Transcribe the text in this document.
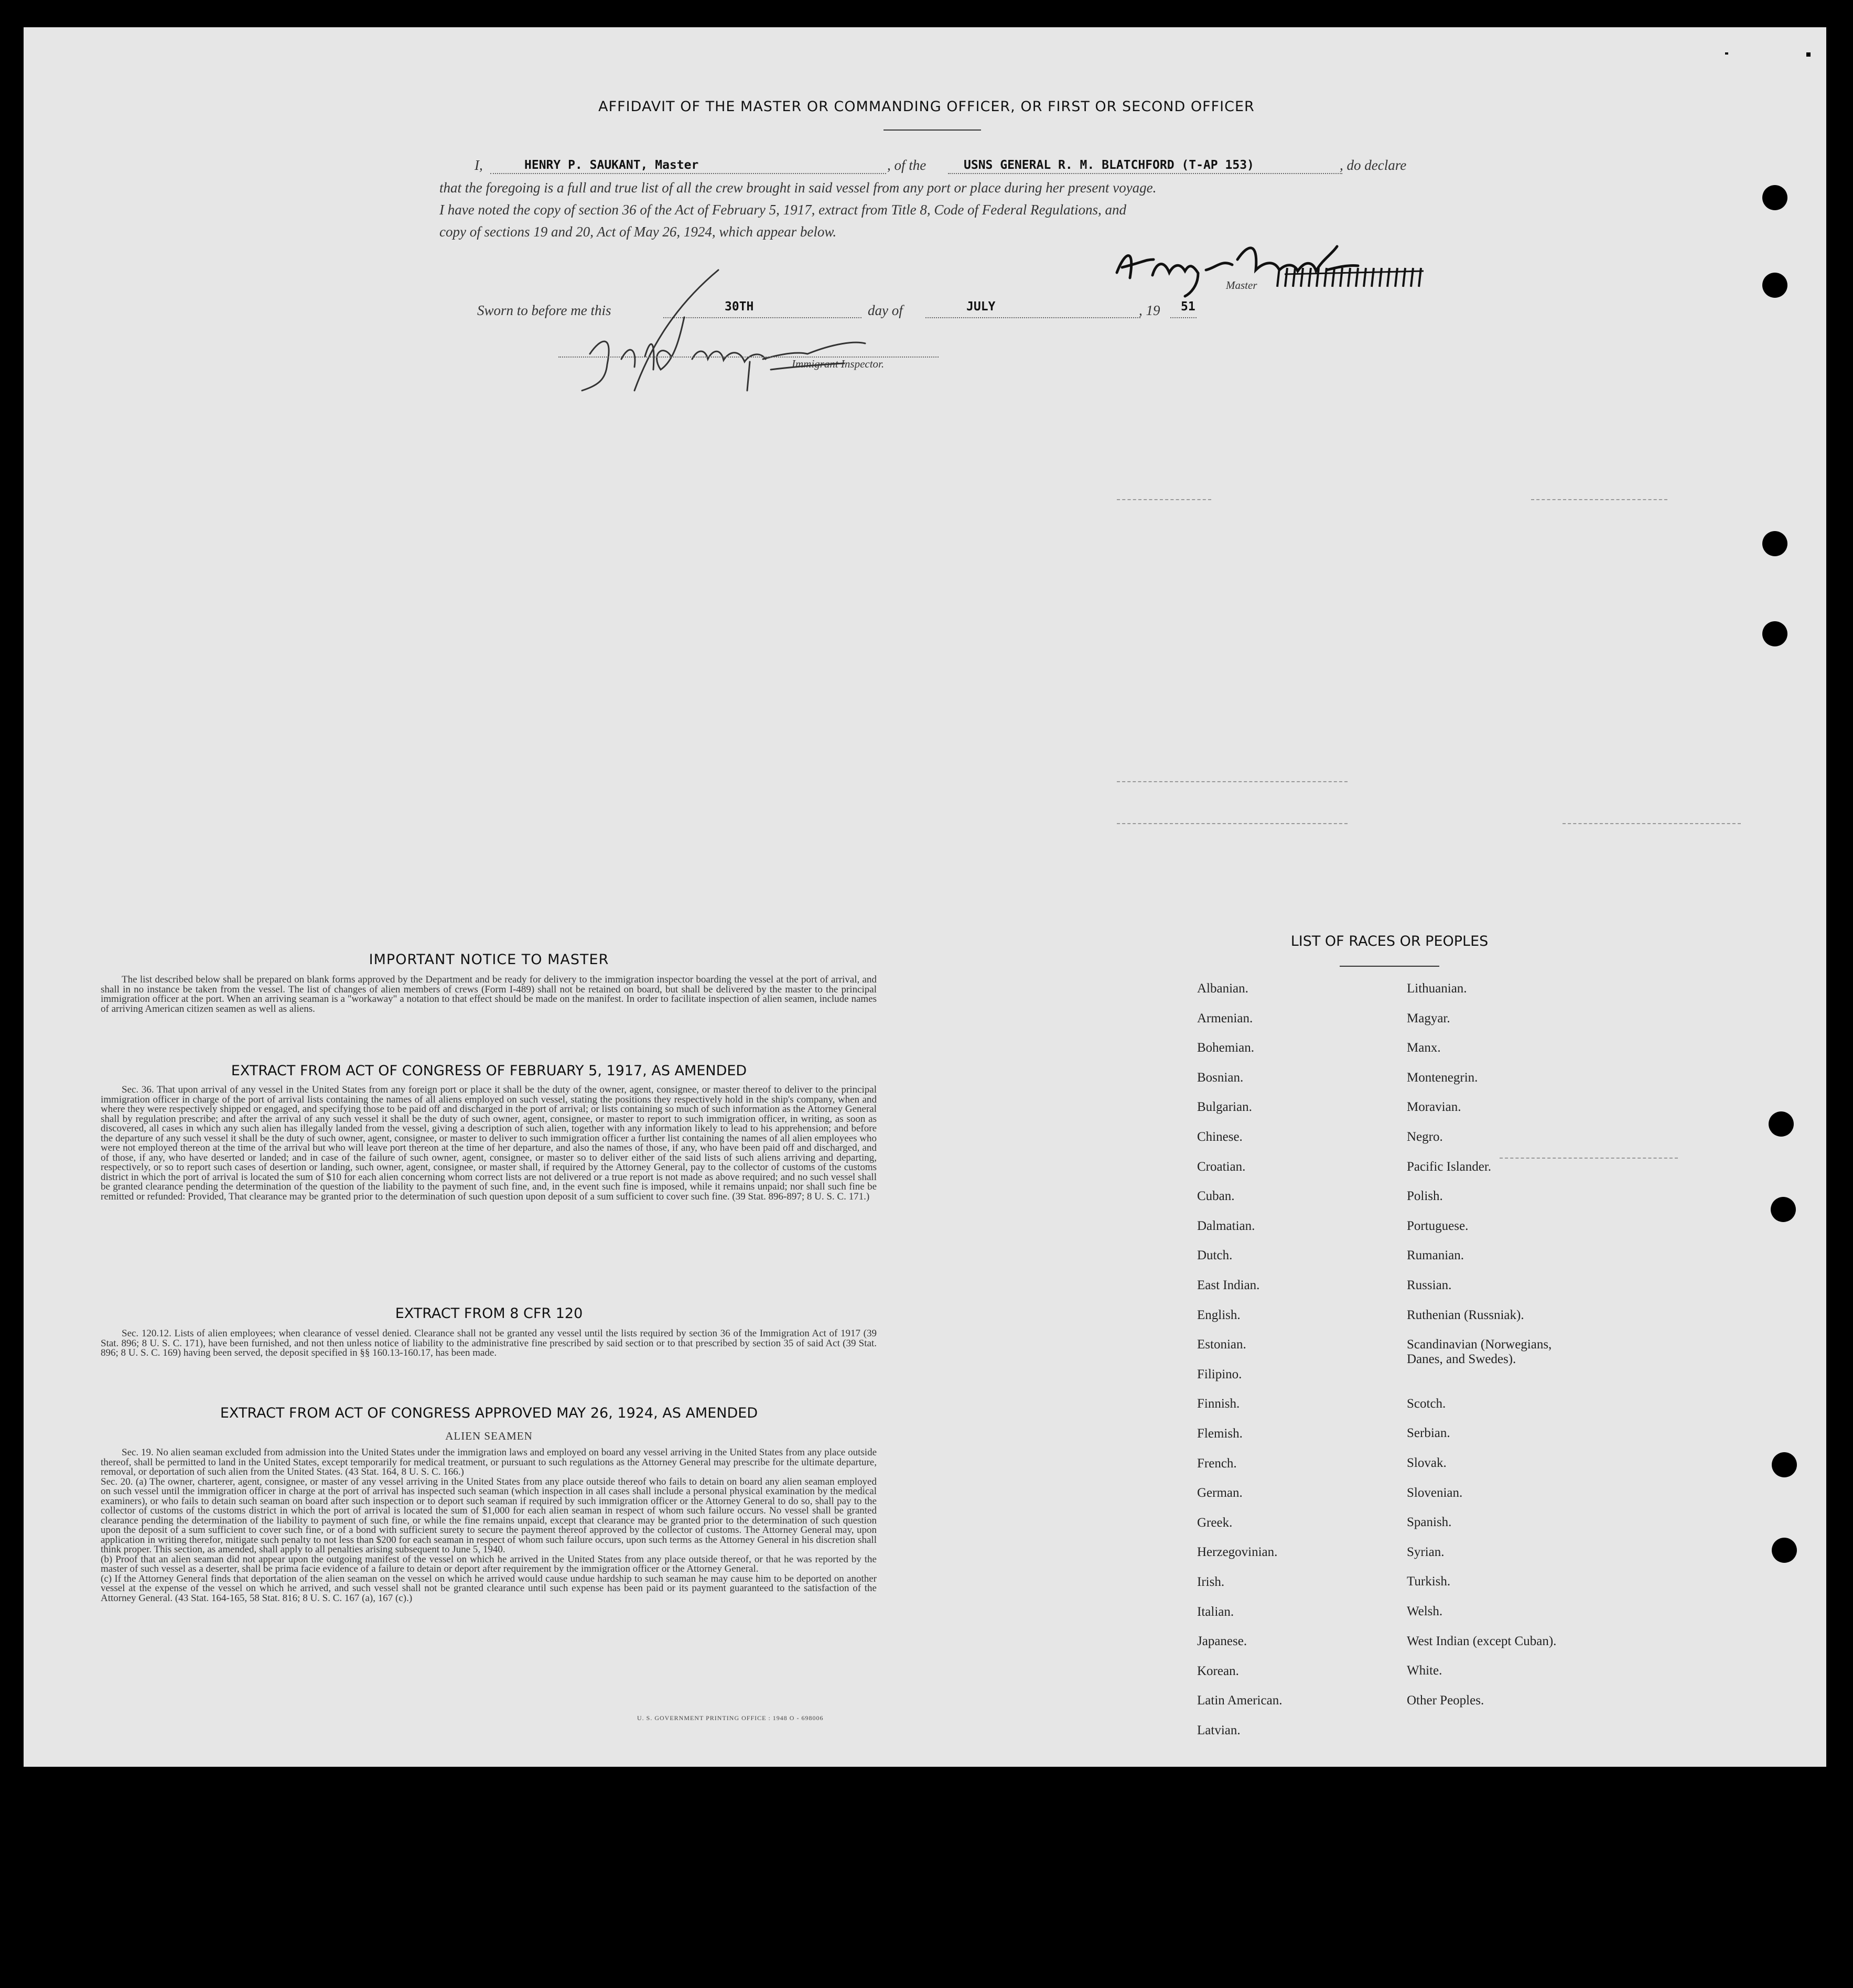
AFFIDAVIT OF THE MASTER OR COMMANDING OFFICER, OR FIRST OR SECOND OFFICER
I,	HENRY P. SAUKANT, Master	, of the	USNS GENERAL R. M. BLATCHFORD (T-AP 153)	, do declare
that the foregoing is a full and true list of all the crew brought in said vessel from any port or place during her present voyage.
I have noted the copy of section 36 of the Act of February 5, 1917, extract from Title 8, Code of Federal Regulations, and
copy of sections 19 and 20, Act of May 26, 1924, which appear below.
Master
Sworn to before me this	30TH	day of	JULY	, 19 51
Immigrant Inspector.
IMPORTANT NOTICE TO MASTER
The list described below shall be prepared on blank forms approved by the Department and be ready for delivery to the immigration inspector boarding the vessel at the port of arrival, and shall in no instance be taken from the vessel. The list of changes of alien members of crews (Form I-489) shall not be retained on board, but shall be delivered by the master to the principal immigration officer at the port. When an arriving seaman is a "workaway" a notation to that effect should be made on the manifest. In order to facilitate inspection of alien seamen, include names of arriving American citizen seamen as well as aliens.
EXTRACT FROM ACT OF CONGRESS OF FEBRUARY 5, 1917, AS AMENDED
Sec. 36. That upon arrival of any vessel in the United States from any foreign port or place it shall be the duty of the owner, agent, consignee, or master thereof to deliver to the principal immigration officer in charge of the port of arrival lists containing the names of all aliens employed on such vessel, stating the positions they respectively hold in the ship's company, when and where they were respectively shipped or engaged, and specifying those to be paid off and discharged in the port of arrival; or lists containing so much of such information as the Attorney General shall by regulation prescribe; and after the arrival of any such vessel it shall be the duty of such owner, agent, consignee, or master to report to such immigration officer, in writing, as soon as discovered, all cases in which any such alien has illegally landed from the vessel, giving a description of such alien, together with any information likely to lead to his apprehension; and before the departure of any such vessel it shall be the duty of such owner, agent, consignee, or master to deliver to such immigration officer a further list containing the names of all alien employees who were not employed thereon at the time of the arrival but who will leave port thereon at the time of her departure, and also the names of those, if any, who have been paid off and discharged, and of those, if any, who have deserted or landed; and in case of the failure of such owner, agent, consignee, or master so to deliver either of the said lists of such aliens arriving and departing, respectively, or so to report such cases of desertion or landing, such owner, agent, consignee, or master shall, if required by the Attorney General, pay to the collector of customs of the customs district in which the port of arrival is located the sum of $10 for each alien concerning whom correct lists are not delivered or a true report is not made as above required; and no such vessel shall be granted clearance pending the determination of the question of the liability to the payment of such fine, and, in the event such fine is imposed, while it remains unpaid; nor shall such fine be remitted or refunded: Provided, That clearance may be granted prior to the determination of such question upon deposit of a sum sufficient to cover such fine. (39 Stat. 896-897; 8 U. S. C. 171.)
EXTRACT FROM 8 CFR 120
Sec. 120.12. Lists of alien employees; when clearance of vessel denied. Clearance shall not be granted any vessel until the lists required by section 36 of the Immigration Act of 1917 (39 Stat. 896; 8 U. S. C. 171), have been furnished, and not then unless notice of liability to the administrative fine prescribed by said section or to that prescribed by section 35 of said Act (39 Stat. 896; 8 U. S. C. 169) having been served, the deposit specified in §§ 160.13-160.17, has been made.
EXTRACT FROM ACT OF CONGRESS APPROVED MAY 26, 1924, AS AMENDED
ALIEN SEAMEN
Sec. 19. No alien seaman excluded from admission into the United States under the immigration laws and employed on board any vessel arriving in the United States from any place outside thereof, shall be permitted to land in the United States, except temporarily for medical treatment, or pursuant to such regulations as the Attorney General may prescribe for the ultimate departure, removal, or deportation of such alien from the United States. (43 Stat. 164, 8 U. S. C. 166.)
Sec. 20. (a) The owner, charterer, agent, consignee, or master of any vessel arriving in the United States from any place outside thereof who fails to detain on board any alien seaman employed on such vessel until the immigration officer in charge at the port of arrival has inspected such seaman (which inspection in all cases shall include a personal physical examination by the medical examiners), or who fails to detain such seaman on board after such inspection or to deport such seaman if required by such immigration officer or the Attorney General to do so, shall pay to the collector of customs of the customs district in which the port of arrival is located the sum of $1,000 for each alien seaman in respect of whom such failure occurs. No vessel shall be granted clearance pending the determination of the liability to payment of such fine, or while the fine remains unpaid, except that clearance may be granted prior to the determination of such question upon the deposit of a sum sufficient to cover such fine, or of a bond with sufficient surety to secure the payment thereof approved by the collector of customs. The Attorney General may, upon application in writing therefor, mitigate such penalty to not less than $200 for each seaman in respect of whom such failure occurs, upon such terms as the Attorney General in his discretion shall think proper. This section, as amended, shall apply to all penalties arising subsequent to June 5, 1940.
(b) Proof that an alien seaman did not appear upon the outgoing manifest of the vessel on which he arrived in the United States from any place outside thereof, or that he was reported by the master of such vessel as a deserter, shall be prima facie evidence of a failure to detain or deport after requirement by the immigration officer or the Attorney General.
(c) If the Attorney General finds that deportation of the alien seaman on the vessel on which he arrived would cause undue hardship to such seaman he may cause him to be deported on another vessel at the expense of the vessel on which he arrived, and such vessel shall not be granted clearance until such expense has been paid or its payment guaranteed to the satisfaction of the Attorney General. (43 Stat. 164-165, 58 Stat. 816; 8 U. S. C. 167 (a), 167 (c).)
U. S. GOVERNMENT PRINTING OFFICE : 1948 O - 698006
LIST OF RACES OR PEOPLES
Albanian.
Armenian.
Bohemian.
Bosnian.
Bulgarian.
Chinese.
Croatian.
Cuban.
Dalmatian.
Dutch.
East Indian.
English.
Estonian.
Filipino.
Finnish.
Flemish.
French.
German.
Greek.
Herzegovinian.
Irish.
Italian.
Japanese.
Korean.
Latin American.
Latvian.
Lithuanian.
Magyar.
Manx.
Montenegrin.
Moravian.
Negro.
Pacific Islander.
Polish.
Portuguese.
Rumanian.
Russian.
Ruthenian (Russniak).
Scandinavian (Norwegians,
Danes, and Swedes).
Scotch.
Serbian.
Slovak.
Slovenian.
Spanish.
Syrian.
Turkish.
Welsh.
West Indian (except Cuban).
White.
Other Peoples.
